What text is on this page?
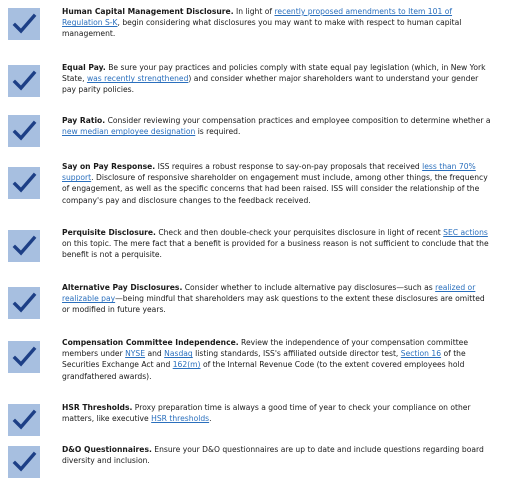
Human Capital Management Disclosure. In light of recently proposed amendments to Item 101 of Regulation S-K, begin considering what disclosures you may want to make with respect to human capital management.
Equal Pay. Be sure your pay practices and policies comply with state equal pay legislation (which, in New York State, was recently strengthened) and consider whether major shareholders want to understand your gender pay parity policies.
Pay Ratio. Consider reviewing your compensation practices and employee composition to determine whether a new median employee designation is required.
Say on Pay Response. ISS requires a robust response to say-on-pay proposals that received less than 70% support. Disclosure of responsive shareholder on engagement must include, among other things, the frequency of engagement, as well as the specific concerns that had been raised. ISS will consider the relationship of the company's pay and disclosure changes to the feedback received.
Perquisite Disclosure. Check and then double-check your perquisites disclosure in light of recent SEC actions on this topic. The mere fact that a benefit is provided for a business reason is not sufficient to conclude that the benefit is not a perquisite.
Alternative Pay Disclosures. Consider whether to include alternative pay disclosures—such as realized or realizable pay—being mindful that shareholders may ask questions to the extent these disclosures are omitted or modified in future years.
Compensation Committee Independence. Review the independence of your compensation committee members under NYSE and Nasdaq listing standards, ISS's affiliated outside director test, Section 16 of the Securities Exchange Act and 162(m) of the Internal Revenue Code (to the extent covered employees hold grandfathered awards).
HSR Thresholds. Proxy preparation time is always a good time of year to check your compliance on other matters, like executive HSR thresholds.
D&O Questionnaires. Ensure your D&O questionnaires are up to date and include questions regarding board diversity and inclusion.
